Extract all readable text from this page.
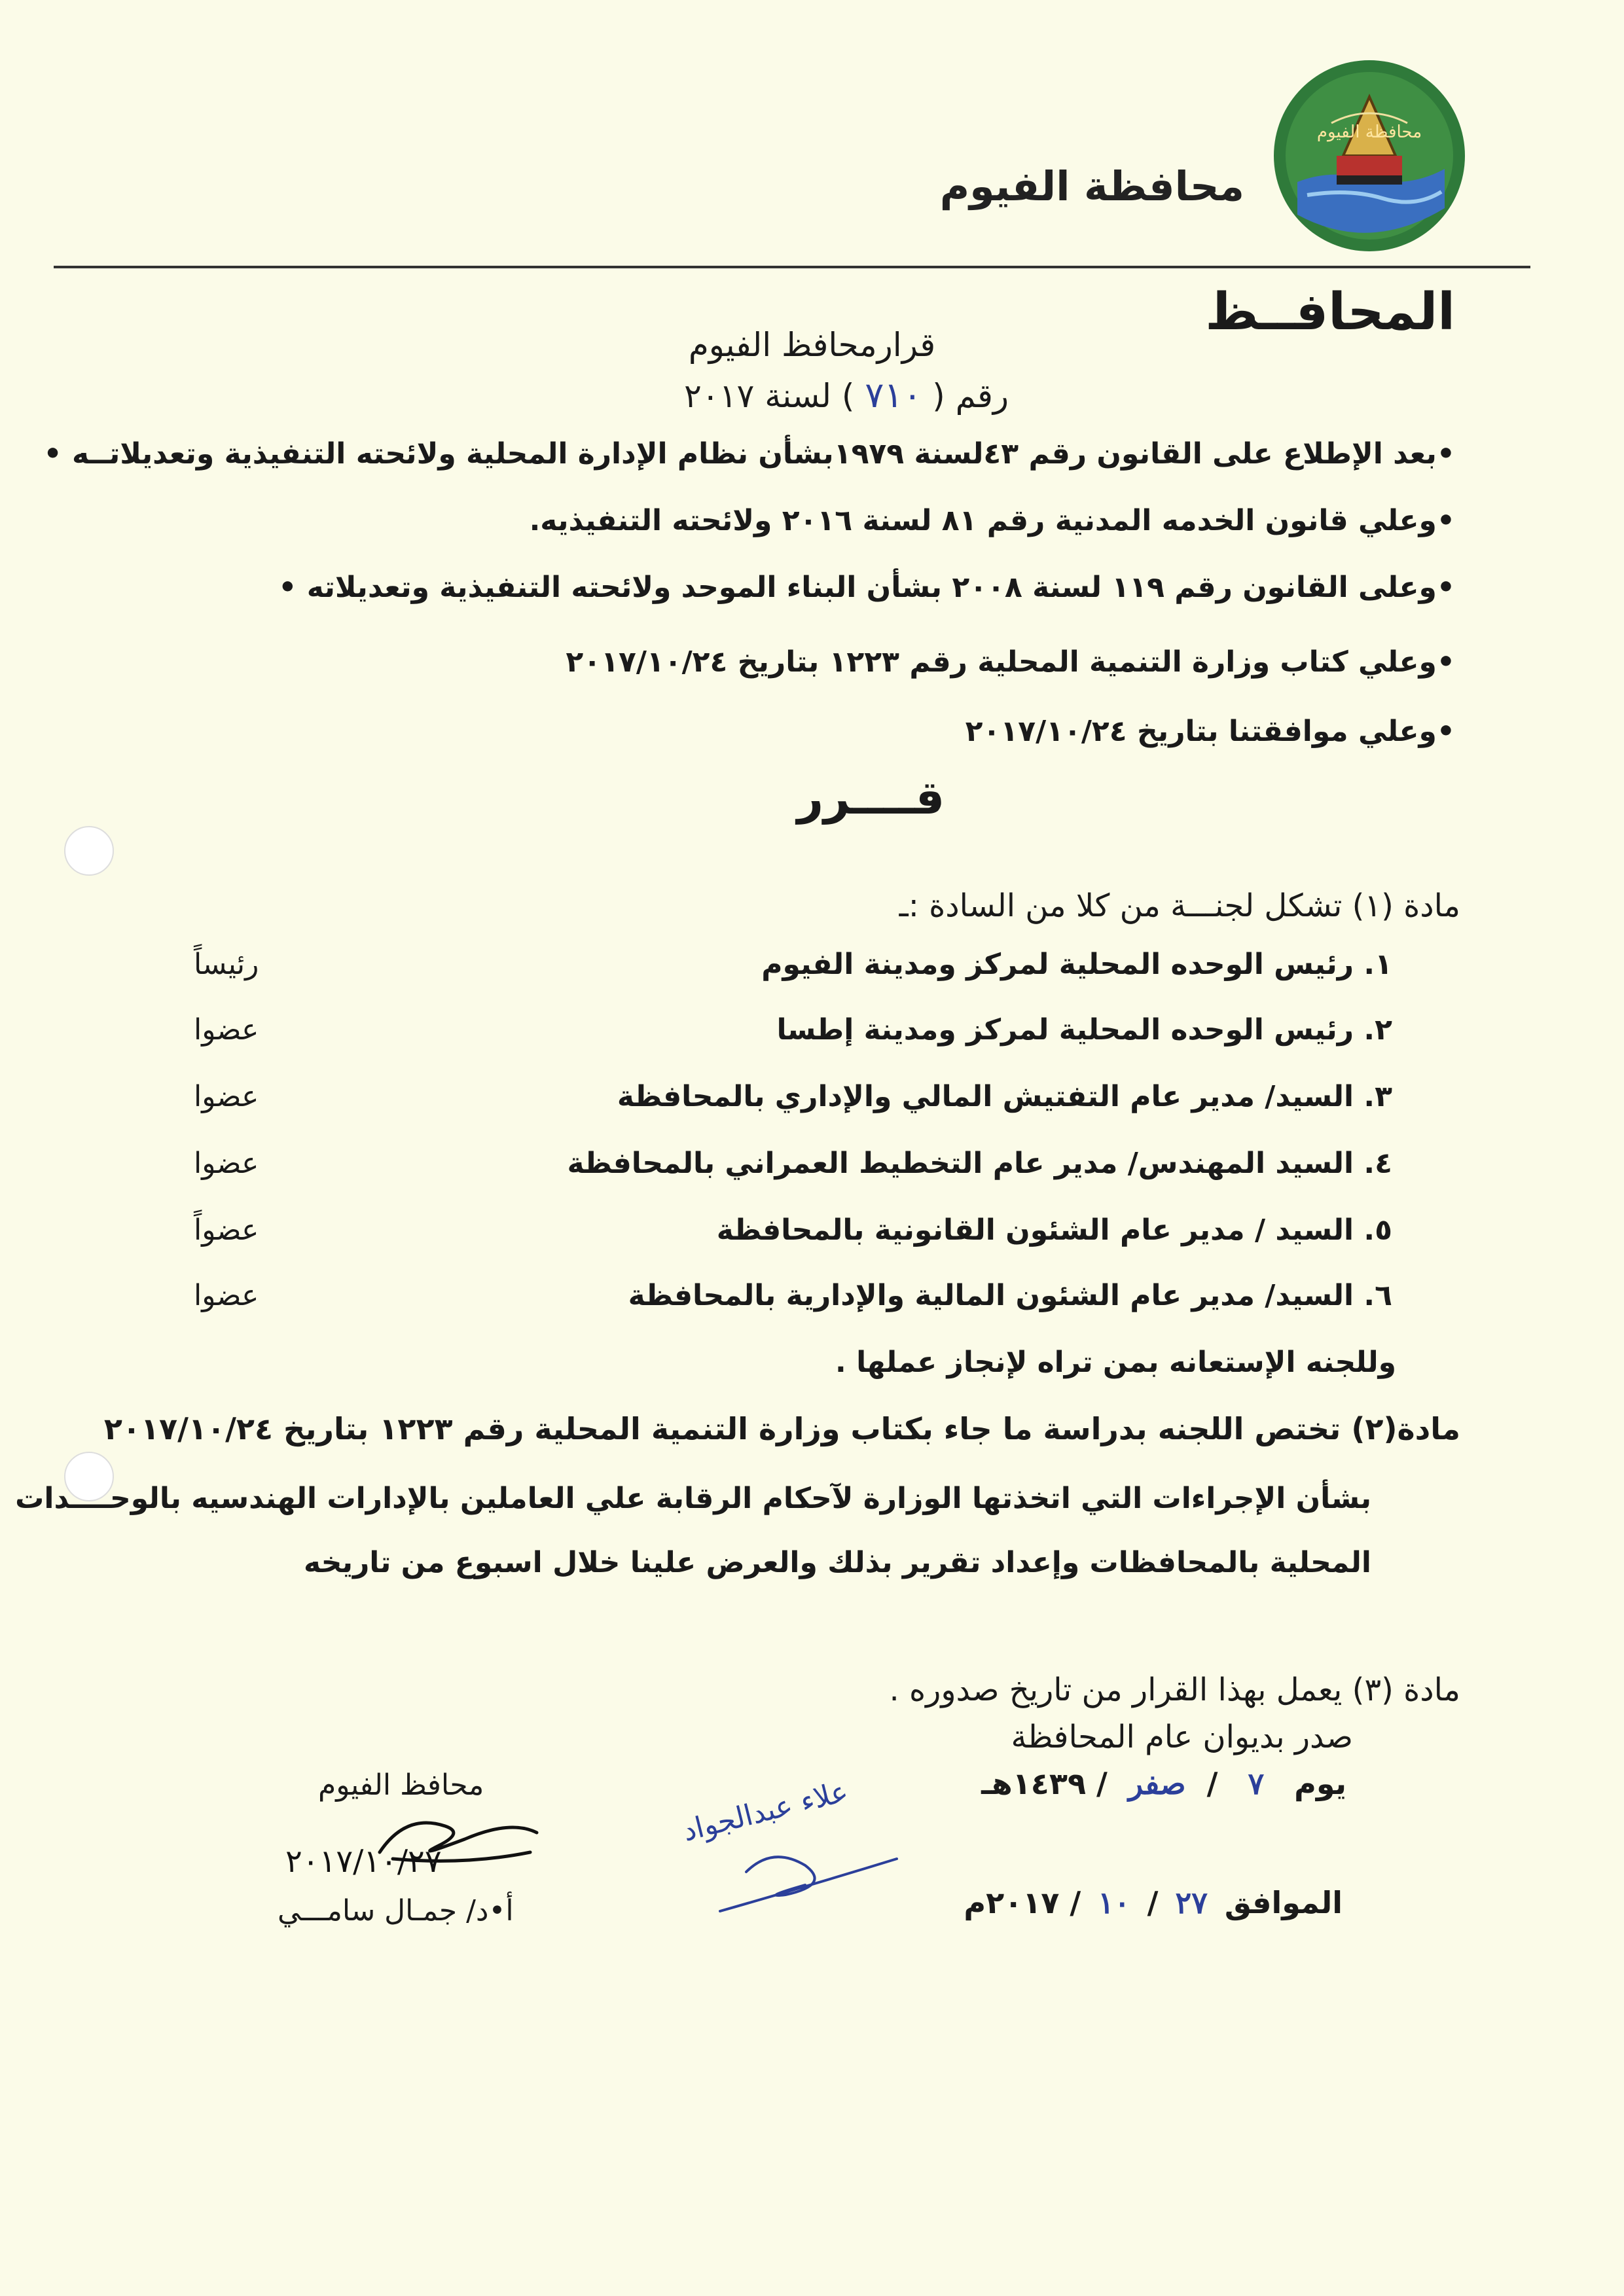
محافظة الفيوم
محافظة الفيوم
المحافــظ
قرارمحافظ الفيوم
رقم ( ٧١٠ ) لسنة ٢٠١٧
•بعد الإطلاع على القانون رقم ٤٣لسنة ١٩٧٩بشأن نظام الإدارة المحلية ولائحته التنفيذية وتعديلاتــه •
•وعلي قانون الخدمه المدنية رقم ٨١ لسنة ٢٠١٦ ولائحته التنفيذيه.
•وعلى القانون رقم ١١٩ لسنة ٢٠٠٨ بشأن البناء الموحد ولائحته التنفيذية وتعديلاته •
•وعلي كتاب وزارة التنمية المحلية رقم ١٢٢٣ بتاريخ ٢٠١٧/١٠/٢٤
•وعلي موافقتنا بتاريخ ٢٠١٧/١٠/٢٤
قــــرر
مادة (١) تشكل لجنـــة من كلا من السادة :ـ
١. رئيس الوحده المحلية لمركز ومدينة الفيوم
رئيساً
٢. رئيس الوحده المحلية لمركز ومدينة إطسا
عضوا
٣. السيد/ مدير عام التفتيش المالي والإداري بالمحافظة
عضوا
٤. السيد المهندس/ مدير عام التخطيط العمراني بالمحافظة
عضوا
٥. السيد / مدير عام الشئون القانونية بالمحافظة
عضواً
٦. السيد/ مدير عام الشئون المالية والإدارية بالمحافظة
عضوا
وللجنه الإستعانه بمن تراه لإنجاز عملها .
مادة(٢) تختص اللجنه بدراسة ما جاء بكتاب وزارة التنمية المحلية رقم ١٢٢٣ بتاريخ ٢٠١٧/١٠/٢٤
بشأن الإجراءات التي اتخذتها الوزارة لآحكام الرقابة علي العاملين بالإدارات الهندسيه بالوحــــدات
المحلية بالمحافظات وإعداد تقرير بذلك والعرض علينا خلال اسبوع من تاريخه
مادة (٣) يعمل بهذا القرار من تاريخ صدوره .
صدر بديوان عام المحافظة
يوم ٧ / صفر / ١٤٣٩هـ
الموافق ٢٧ / ١٠ / ٢٠١٧م
محافظ الفيوم
٢٠١٧/١٠/٢٧
أ•د/ جمـال سامـــي
علاء عبدالجواد
